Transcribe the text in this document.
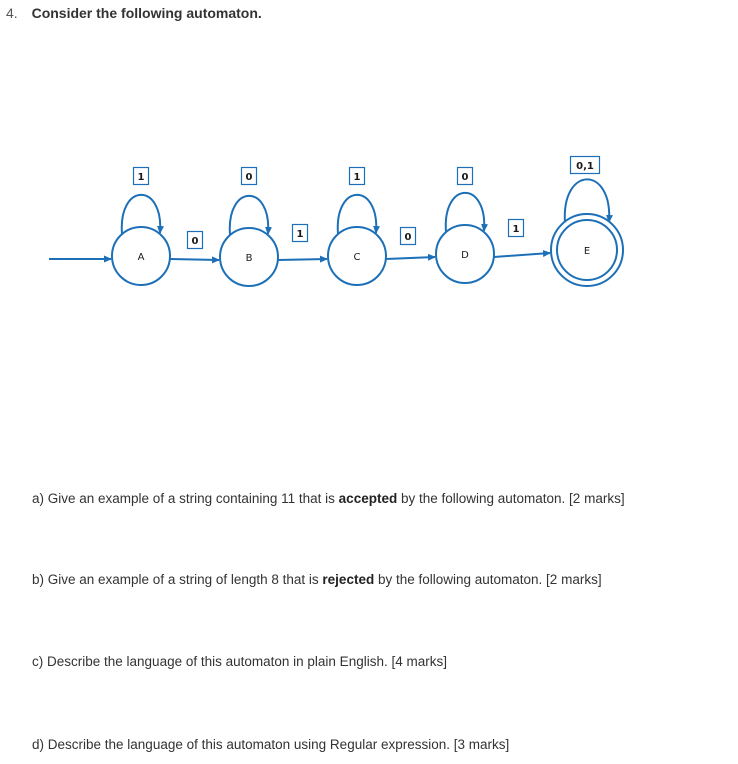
4. Consider the following automaton.
A	B	C	D	E
0
1	0
1
1	0	1	0
0,1
a) Give an example of a string containing 11 that is accepted by the following automaton. [2 marks]
b) Give an example of a string of length 8 that is rejected by the following automaton. [2 marks]
c) Describe the language of this automaton in plain English. [4 marks]
d) Describe the language of this automaton using Regular expression. [3 marks]
